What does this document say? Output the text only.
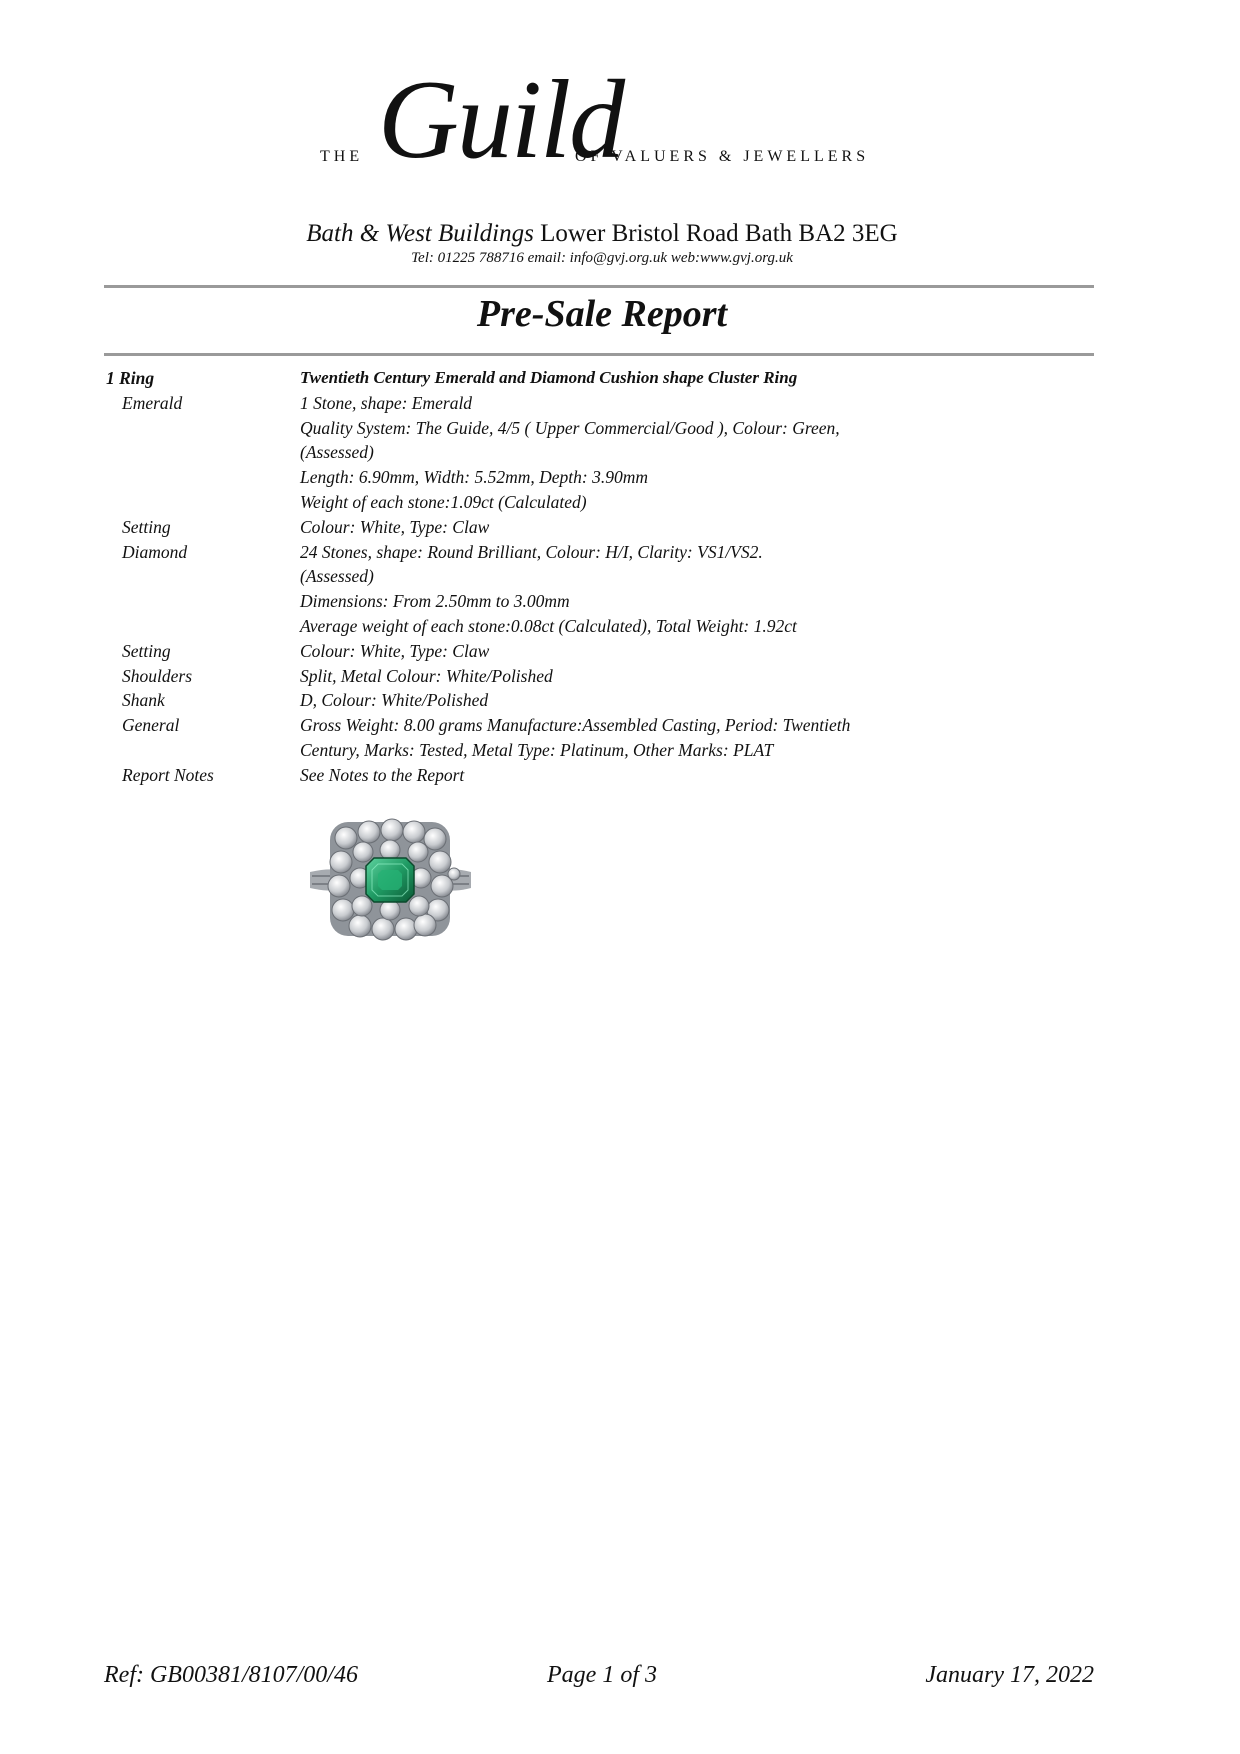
THE Guild
OF VALUERS & JEWELLERS
Bath & West Buildings Lower Bristol Road Bath BA2 3EG
Tel: 01225 788716 email: info@gvj.org.uk web:www.gvj.org.uk
Pre-Sale Report
1 Ring	Twentieth Century Emerald and Diamond Cushion shape Cluster Ring
Emerald	1 Stone, shape: Emerald
Quality System: The Guide, 4/5 ( Upper Commercial/Good ), Colour: Green,
(Assessed)
Length: 6.90mm, Width: 5.52mm, Depth: 3.90mm
Weight of each stone:1.09ct (Calculated)
Setting	Colour: White, Type: Claw
Diamond	24 Stones, shape: Round Brilliant, Colour: H/I, Clarity: VS1/VS2.
(Assessed)
Dimensions: From 2.50mm to 3.00mm
Average weight of each stone:0.08ct (Calculated), Total Weight: 1.92ct
Setting	Colour: White, Type: Claw
Shoulders	Split, Metal Colour: White/Polished
Shank	D, Colour: White/Polished
General	Gross Weight: 8.00 grams Manufacture:Assembled Casting, Period: Twentieth
Century, Marks: Tested, Metal Type: Platinum, Other Marks: PLAT
Report Notes	See Notes to the Report
Ref: GB00381/8107/00/46	Page 1 of 3	January 17, 2022
